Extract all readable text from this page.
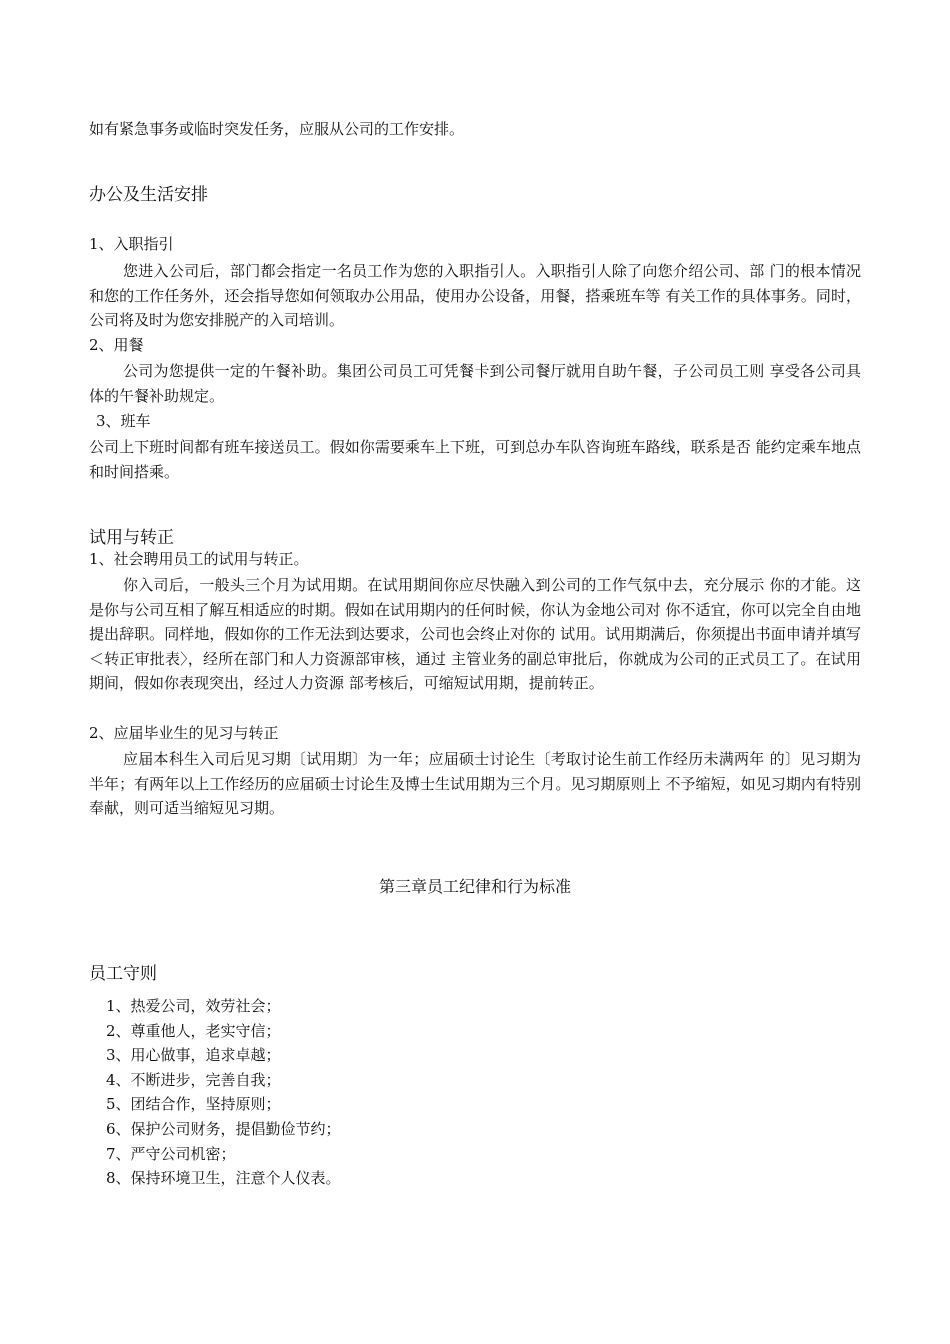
如有紧急事务或临时突发任务，应服从公司的工作安排。
办公及生活安排
1、入职指引
您进入公司后，部门都会指定一名员工作为您的入职指引人。入职指引人除了向您介绍公司、部 门的根本情况和您的工作任务外，还会指导您如何领取办公用品，使用办公设备，用餐，搭乘班车等 有关工作的具体事务。同时，公司将及时为您安排脱产的入司培训。
2、用餐
公司为您提供一定的午餐补助。集团公司员工可凭餐卡到公司餐厅就用自助午餐，子公司员工则 享受各公司具体的午餐补助规定。
3、班车
公司上下班时间都有班车接送员工。假如你需要乘车上下班，可到总办车队咨询班车路线，联系是否 能约定乘车地点和时间搭乘。
试用与转正
1、社会聘用员工的试用与转正。
你入司后，一般头三个月为试用期。在试用期间你应尽快融入到公司的工作气氛中去，充分展示 你的才能。这是你与公司互相了解互相适应的时期。假如在试用期内的任何时候，你认为金地公司对 你不适宜，你可以完全自由地提出辞职。同样地，假如你的工作无法到达要求，公司也会终止对你的 试用。试用期满后，你须提出书面申请并填写＜转正审批表〉，经所在部门和人力资源部审核，通过 主管业务的副总审批后，你就成为公司的正式员工了。在试用期间，假如你表现突出，经过人力资源 部考核后，可缩短试用期，提前转正。
2、应届毕业生的见习与转正
应届本科生入司后见习期〔试用期〕为一年；应届硕士讨论生〔考取讨论生前工作经历未满两年 的〕见习期为半年；有两年以上工作经历的应届硕士讨论生及博士生试用期为三个月。见习期原则上 不予缩短，如见习期内有特别奉献，则可适当缩短见习期。
第三章员工纪律和行为标准
员工守则
1、热爱公司，效劳社会；
2、尊重他人，老实守信；
3、用心做事，追求卓越；
4、不断进步，完善自我；
5、团结合作，坚持原则；
6、保护公司财务，提倡勤俭节约；
7、严守公司机密；
8、保持环境卫生，注意个人仪表。
